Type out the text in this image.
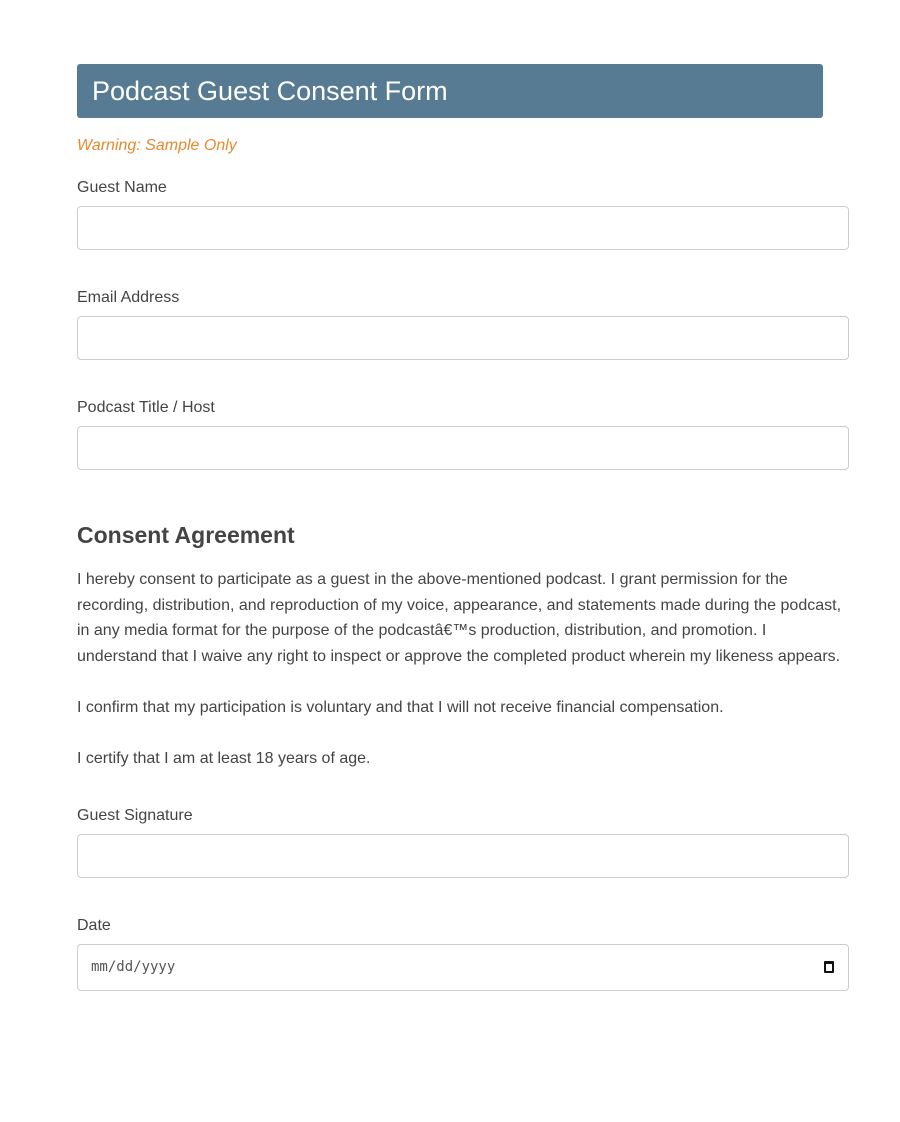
Podcast Guest Consent Form
Warning: Sample Only
Guest Name
Email Address
Podcast Title / Host
Consent Agreement

I hereby consent to participate as a guest in the above-mentioned podcast. I grant permission for the recording, distribution, and reproduction of my voice, appearance, and statements made during the podcast, in any media format for the purpose of the podcastâ€™s production, distribution, and promotion. I understand that I waive any right to inspect or approve the completed product wherein my likeness appears.

I confirm that my participation is voluntary and that I will not receive financial compensation.

I certify that I am at least 18 years of age.

Guest Signature
Date
mm/dd/yyyy
